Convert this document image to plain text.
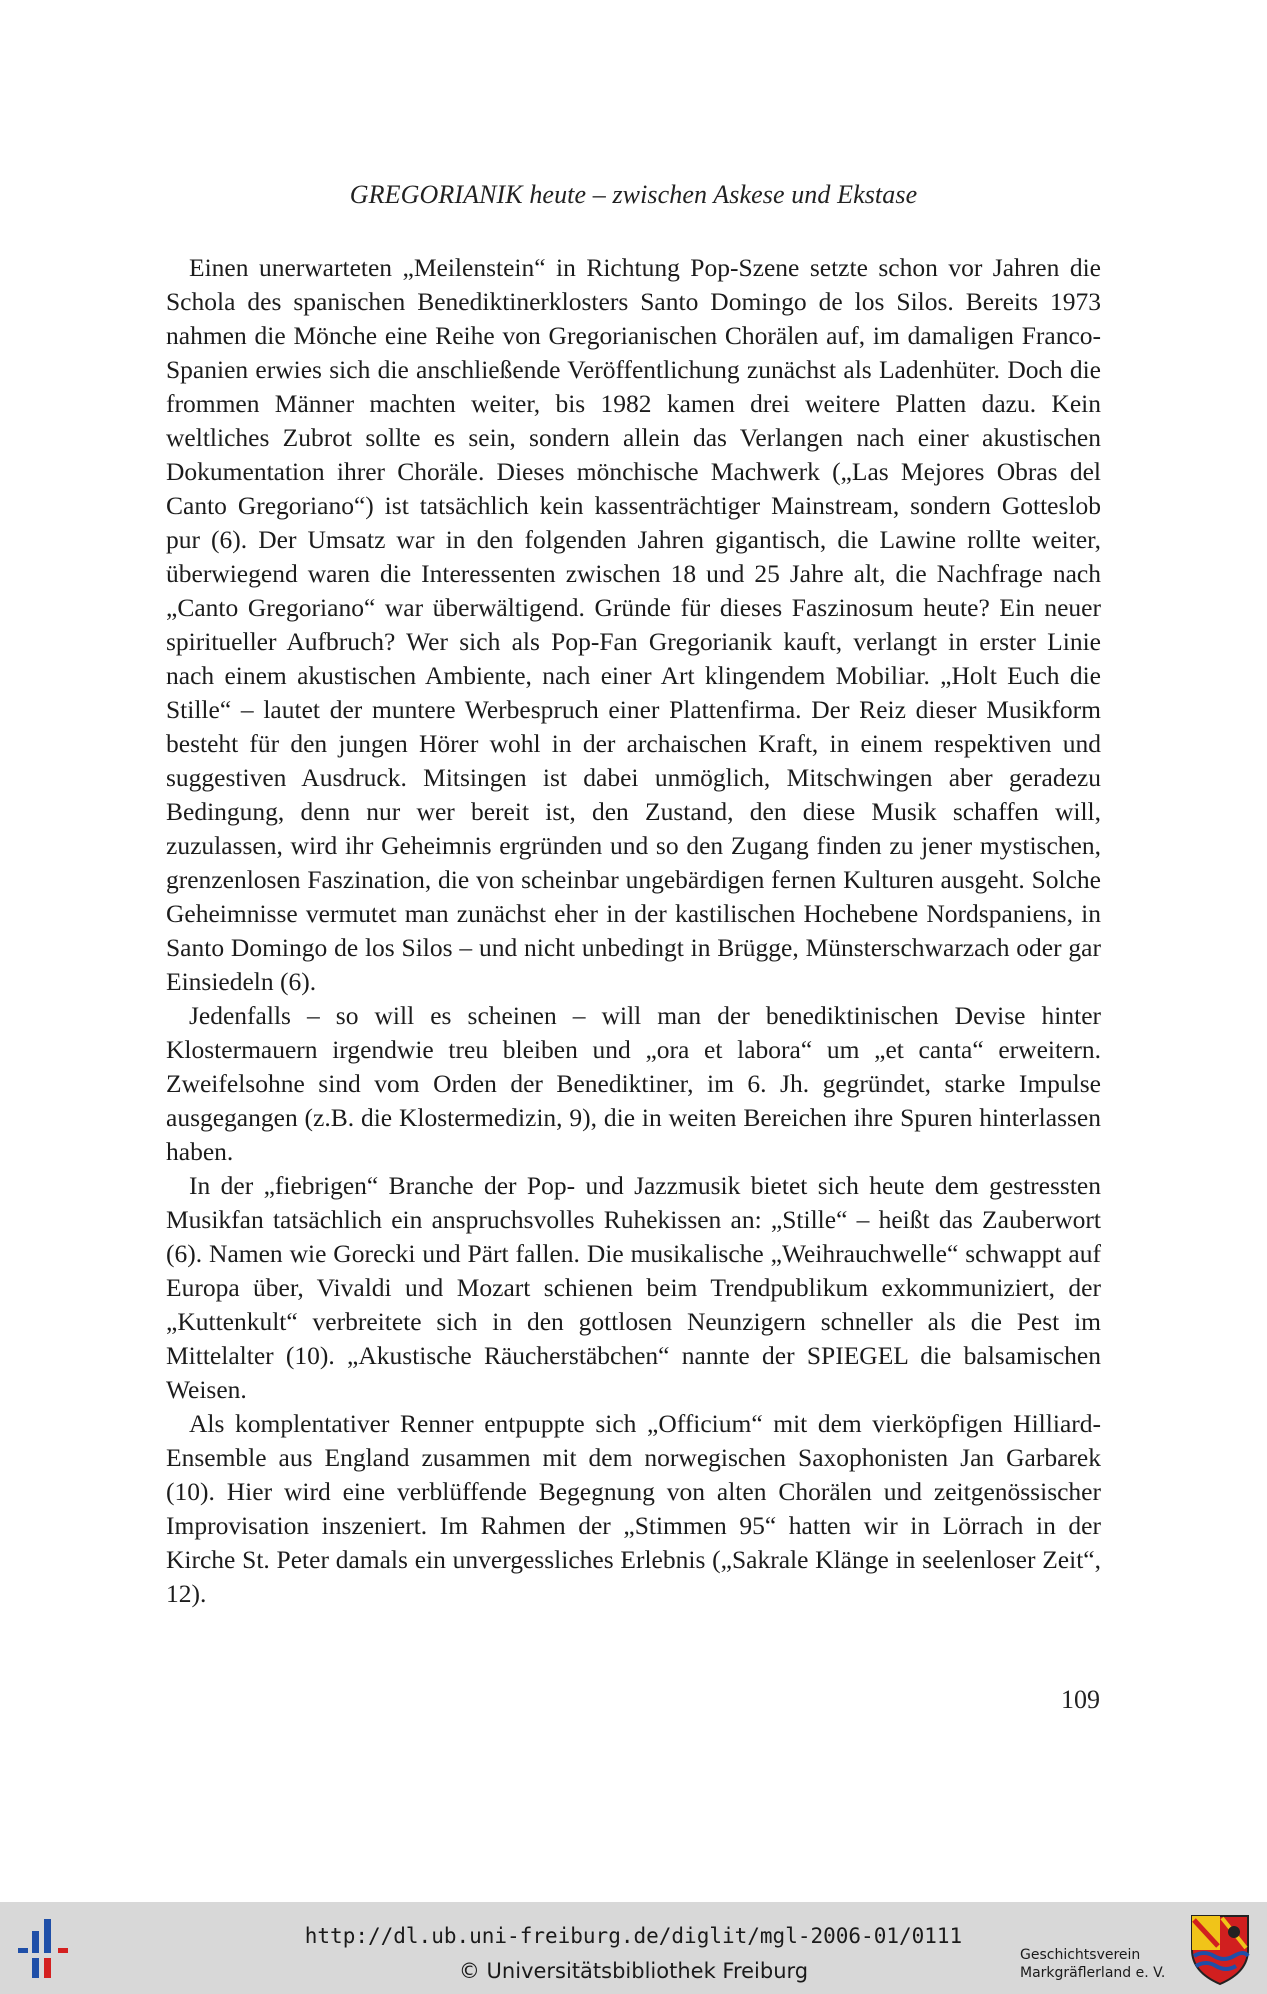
GREGORIANIK heute – zwischen Askese und Ekstase

Einen unerwarteten „Meilenstein“ in Richtung Pop-Szene setzte schon vor Jahren die Schola des spanischen Benediktinerklosters Santo Domingo de los Silos. Bereits 1973 nahmen die Mönche eine Reihe von Gregorianischen Chorälen auf, im damaligen Franco-Spanien erwies sich die anschließende Veröffentlichung zunächst als Ladenhüter. Doch die frommen Männer machten weiter, bis 1982 kamen drei weitere Platten dazu. Kein weltliches Zubrot sollte es sein, sondern allein das Verlangen nach einer akustischen Dokumentation ihrer Choräle. Dieses mönchische Machwerk („Las Mejores Obras del Canto Gregoriano“) ist tatsächlich kein kassenträchtiger Mainstream, sondern Gotteslob pur (6). Der Umsatz war in den folgenden Jahren gigantisch, die Lawine rollte weiter, überwiegend waren die Interessenten zwischen 18 und 25 Jahre alt, die Nachfrage nach „Canto Gregoriano“ war überwältigend. Gründe für dieses Faszinosum heute? Ein neuer spiritueller Aufbruch? Wer sich als Pop-Fan Gregorianik kauft, verlangt in erster Linie nach einem akustischen Ambiente, nach einer Art klingendem Mobiliar. „Holt Euch die Stille“ – lautet der muntere Werbespruch einer Plattenfirma. Der Reiz dieser Musikform besteht für den jungen Hörer wohl in der archaischen Kraft, in einem respektiven und suggestiven Ausdruck. Mitsingen ist dabei unmöglich, Mitschwingen aber geradezu Bedingung, denn nur wer bereit ist, den Zustand, den diese Musik schaffen will, zuzulassen, wird ihr Geheimnis ergründen und so den Zugang finden zu jener mystischen, grenzenlosen Faszination, die von scheinbar ungebärdigen fernen Kulturen ausgeht. Solche Geheimnisse vermutet man zunächst eher in der kastilischen Hochebene Nordspaniens, in Santo Domingo de los Silos – und nicht unbedingt in Brügge, Münsterschwarzach oder gar Einsiedeln (6).

Jedenfalls – so will es scheinen – will man der benediktinischen Devise hinter Klostermauern irgendwie treu bleiben und „ora et labora“ um „et canta“ erweitern. Zweifelsohne sind vom Orden der Benediktiner, im 6. Jh. gegründet, starke Impulse ausgegangen (z.B. die Klostermedizin, 9), die in weiten Bereichen ihre Spuren hinterlassen haben.

In der „fiebrigen“ Branche der Pop- und Jazzmusik bietet sich heute dem gestressten Musikfan tatsächlich ein anspruchsvolles Ruhekissen an: „Stille“ – heißt das Zauberwort (6). Namen wie Gorecki und Pärt fallen. Die musikalische „Weihrauchwelle“ schwappt auf Europa über, Vivaldi und Mozart schienen beim Trendpublikum exkommuniziert, der „Kuttenkult“ verbreitete sich in den gottlosen Neunzigern schneller als die Pest im Mittelalter (10). „Akustische Räucherstäbchen“ nannte der SPIEGEL die balsamischen Weisen.

Als komplentativer Renner entpuppte sich „Officium“ mit dem vierköpfigen Hilliard-Ensemble aus England zusammen mit dem norwegischen Saxophonisten Jan Garbarek (10). Hier wird eine verblüffende Begegnung von alten Chorälen und zeitgenössischer Improvisation inszeniert. Im Rahmen der „Stimmen 95“ hatten wir in Lörrach in der Kirche St. Peter damals ein unvergessliches Erlebnis („Sakrale Klänge in seelenloser Zeit“, 12).

109
http://dl.ub.uni-freiburg.de/diglit/mgl-2006-01/0111
© Universitätsbibliothek Freiburg
Geschichtsverein
Markgräflerland e. V.
